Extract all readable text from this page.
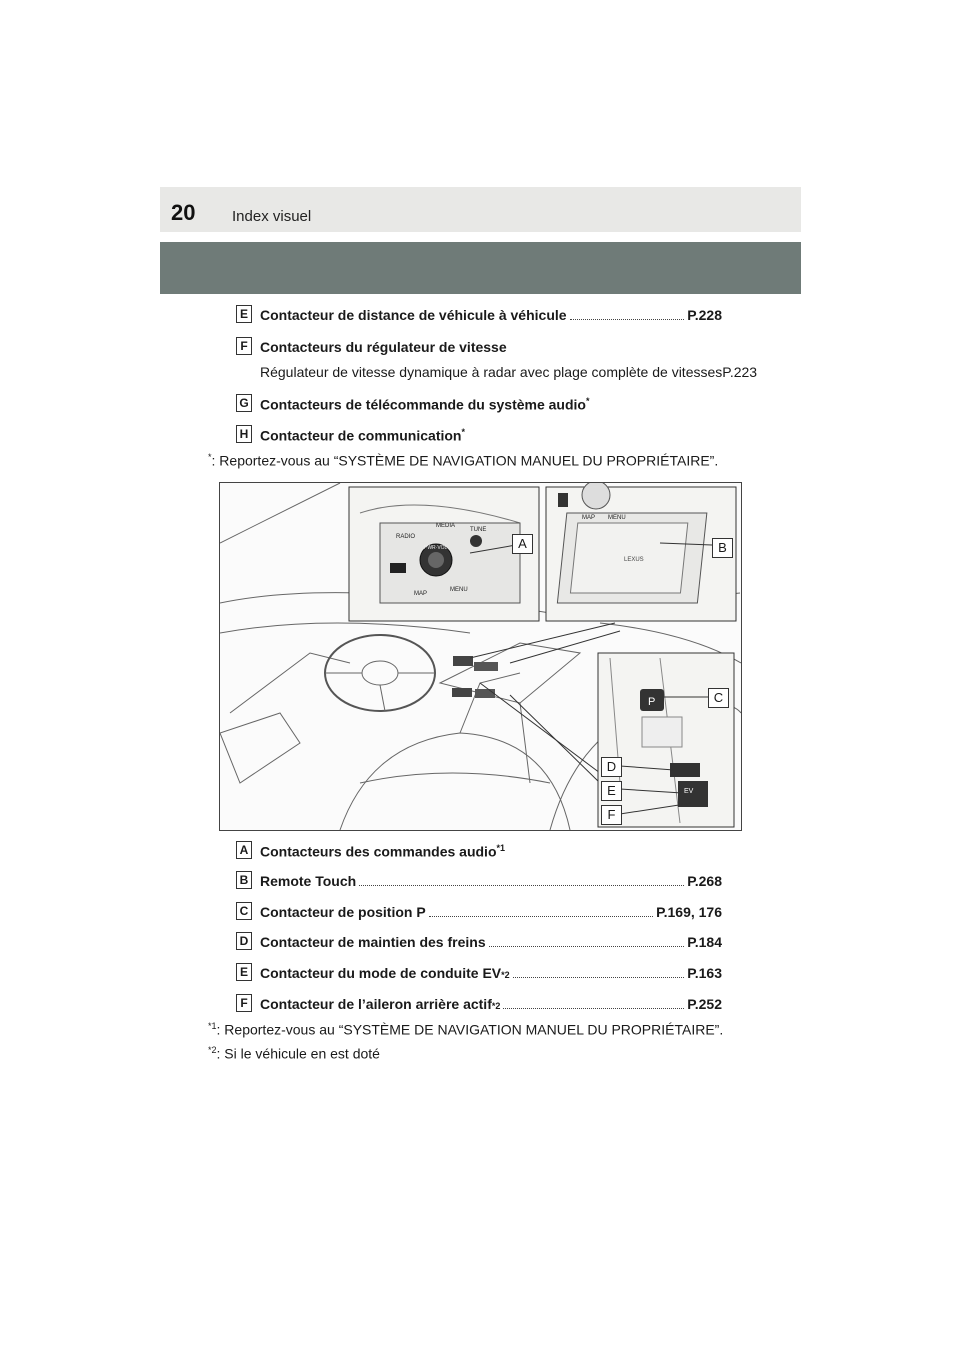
20 Index visuel
E Contacteur de distance de véhicule à véhicule	P.228
F Contacteurs du régulateur de vitesse
Régulateur de vitesse dynamique à radar avec plage complète de vitesses P.223
G Contacteurs de télécommande du système audio*
H Contacteur de communication*
*: Reportez-vous au “SYSTÈME DE NAVIGATION MANUEL DU PROPRIÉTAIRE”.
RADIO
MEDIA
TUNE
PWR·VOL
MAP
MENU
LEXUS
MAP MENU
P
EV
A	B
C
D
E
F
A Contacteurs des commandes audio$^{*1}$
B Remote Touch	P.268
C Contacteur de position P	P.169, 176
D Contacteur de maintien des freins	P.184
E Contacteur du mode de conduite EV *2	P.163
F Contacteur de l’aileron arrière actif *2	P.252
$^{*1}$: Reportez-vous au “SYSTÈME DE NAVIGATION MANUEL DU PROPRIÉTAIRE”.
$^{*2}$: Si le véhicule en est doté
